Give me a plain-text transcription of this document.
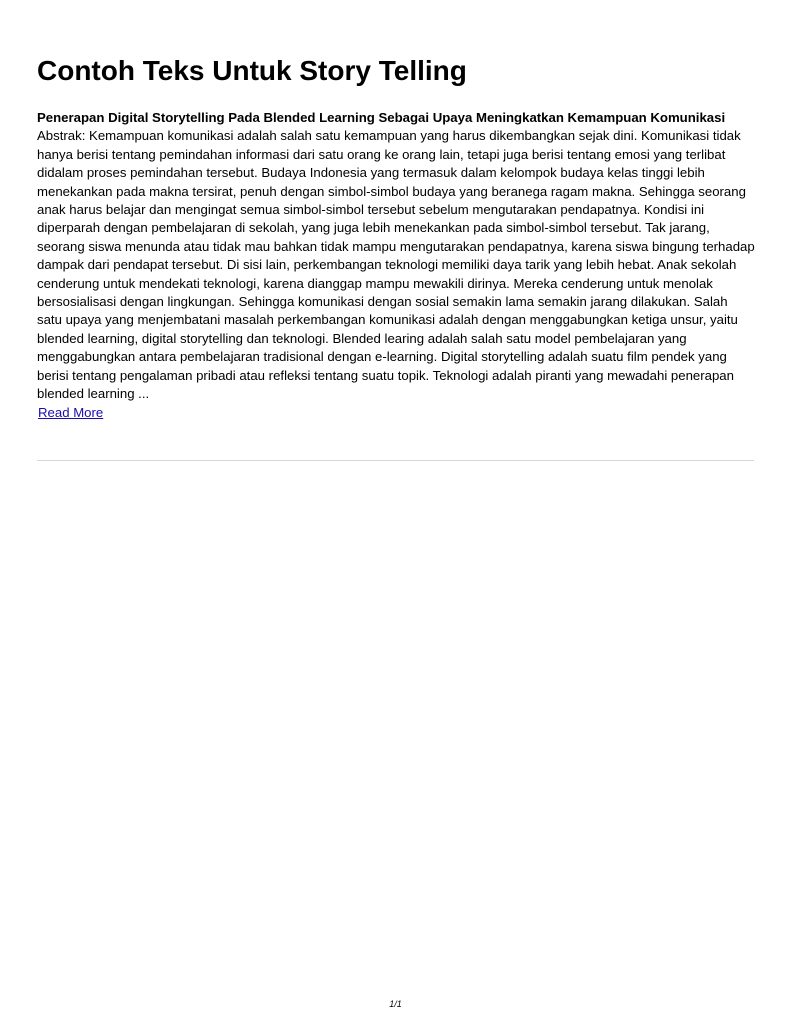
Contoh Teks Untuk Story Telling

Penerapan Digital Storytelling Pada Blended Learning Sebagai Upaya Meningkatkan Kemampuan Komunikasi

Abstrak: Kemampuan komunikasi adalah salah satu kemampuan yang harus dikembangkan sejak dini. Komunikasi tidak hanya berisi tentang pemindahan informasi dari satu orang ke orang lain, tetapi juga berisi tentang emosi yang terlibat didalam proses pemindahan tersebut. Budaya Indonesia yang termasuk dalam kelompok budaya kelas tinggi lebih menekankan pada makna tersirat, penuh dengan simbol-simbol budaya yang beranega ragam makna. Sehingga seorang anak harus belajar dan mengingat semua simbol-simbol tersebut sebelum mengutarakan pendapatnya. Kondisi ini diperparah dengan pembelajaran di sekolah, yang juga lebih menekankan pada simbol-simbol tersebut. Tak jarang, seorang siswa menunda atau tidak mau bahkan tidak mampu mengutarakan pendapatnya, karena siswa bingung terhadap dampak dari pendapat tersebut. Di sisi lain, perkembangan teknologi memiliki daya tarik yang lebih hebat. Anak sekolah cenderung untuk mendekati teknologi, karena dianggap mampu mewakili dirinya. Mereka cenderung untuk menolak bersosialisasi dengan lingkungan. Sehingga komunikasi dengan sosial semakin lama semakin jarang dilakukan. Salah satu upaya yang menjembatani masalah perkembangan komunikasi adalah dengan menggabungkan ketiga unsur, yaitu blended learning, digital storytelling dan teknologi. Blended learing adalah salah satu model pembelajaran yang menggabungkan antara pembelajaran tradisional dengan e-learning. Digital storytelling adalah suatu film pendek yang berisi tentang pengalaman pribadi atau refleksi tentang suatu topik. Teknologi adalah piranti yang mewadahi penerapan blended learning ...

Read More
1/1
